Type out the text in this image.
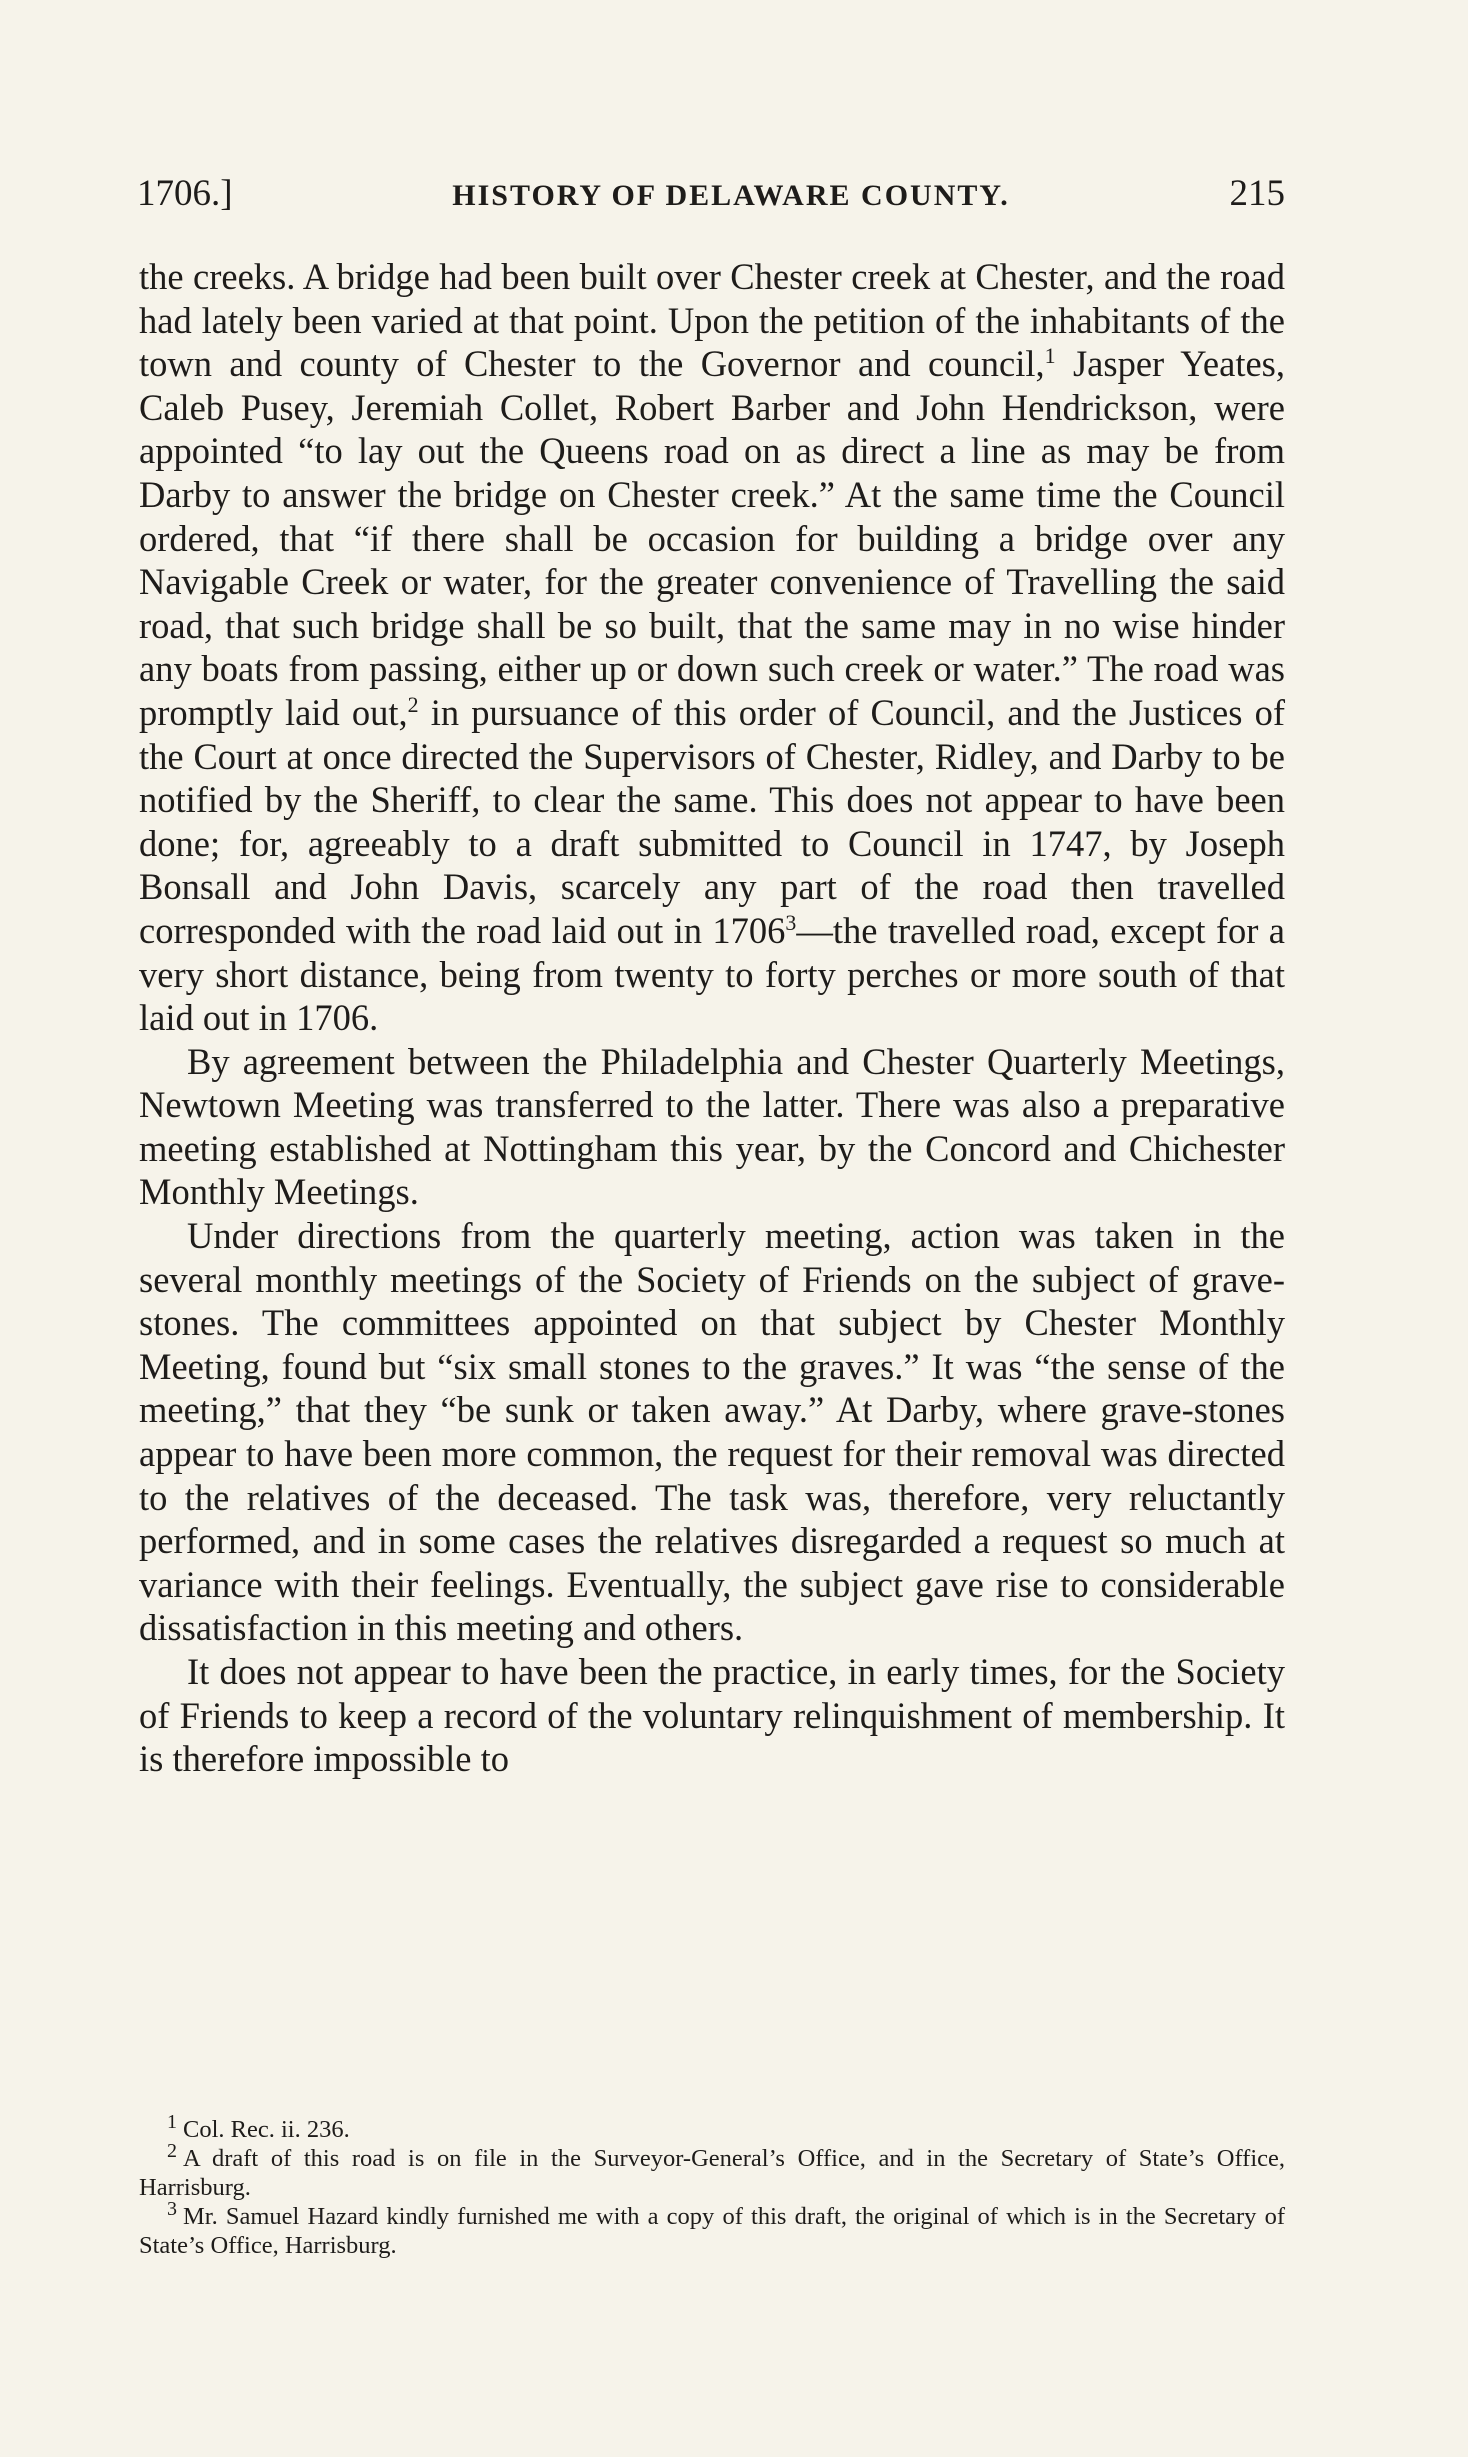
1706.]	HISTORY OF DELAWARE COUNTY.	215

the creeks. A bridge had been built over Chester creek at Chester, and the road had lately been varied at that point. Upon the petition of the inhabitants of the town and county of Chester to the Governor and council,$^1$ Jasper Yeates, Caleb Pusey, Jeremiah Collet, Robert Barber and John Hendrickson, were appointed “to lay out the Queens road on as direct a line as may be from Darby to answer the bridge on Chester creek.” At the same time the Council ordered, that “if there shall be occasion for building a bridge over any Navigable Creek or water, for the greater convenience of Travelling the said road, that such bridge shall be so built, that the same may in no wise hinder any boats from passing, either up or down such creek or water.” The road was promptly laid out,$^2$ in pursuance of this order of Council, and the Justices of the Court at once directed the Supervisors of Chester, Ridley, and Darby to be notified by the Sheriff, to clear the same. This does not appear to have been done; for, agreeably to a draft submitted to Council in 1747, by Joseph Bonsall and John Davis, scarcely any part of the road then travelled corresponded with the road laid out in 1706$^3$—the travelled road, except for a very short distance, being from twenty to forty perches or more south of that laid out in 1706.

By agreement between the Philadelphia and Chester Quarterly Meetings, Newtown Meeting was transferred to the latter. There was also a preparative meeting established at Nottingham this year, by the Concord and Chichester Monthly Meetings.

Under directions from the quarterly meeting, action was taken in the several monthly meetings of the Society of Friends on the subject of grave-stones. The committees appointed on that subject by Chester Monthly Meeting, found but “six small stones to the graves.” It was “the sense of the meeting,” that they “be sunk or taken away.” At Darby, where grave-stones appear to have been more common, the request for their removal was directed to the relatives of the deceased. The task was, therefore, very reluctantly performed, and in some cases the relatives disregarded a request so much at variance with their feelings. Eventually, the subject gave rise to considerable dissatisfaction in this meeting and others.

It does not appear to have been the practice, in early times, for the Society of Friends to keep a record of the voluntary relinquishment of membership. It is therefore impossible to

$^1$ Col. Rec. ii. 236.

$^2$ A draft of this road is on file in the Surveyor-General’s Office, and in the Secretary of State’s Office, Harrisburg.

$^3$ Mr. Samuel Hazard kindly furnished me with a copy of this draft, the original of which is in the Secretary of State’s Office, Harrisburg.
